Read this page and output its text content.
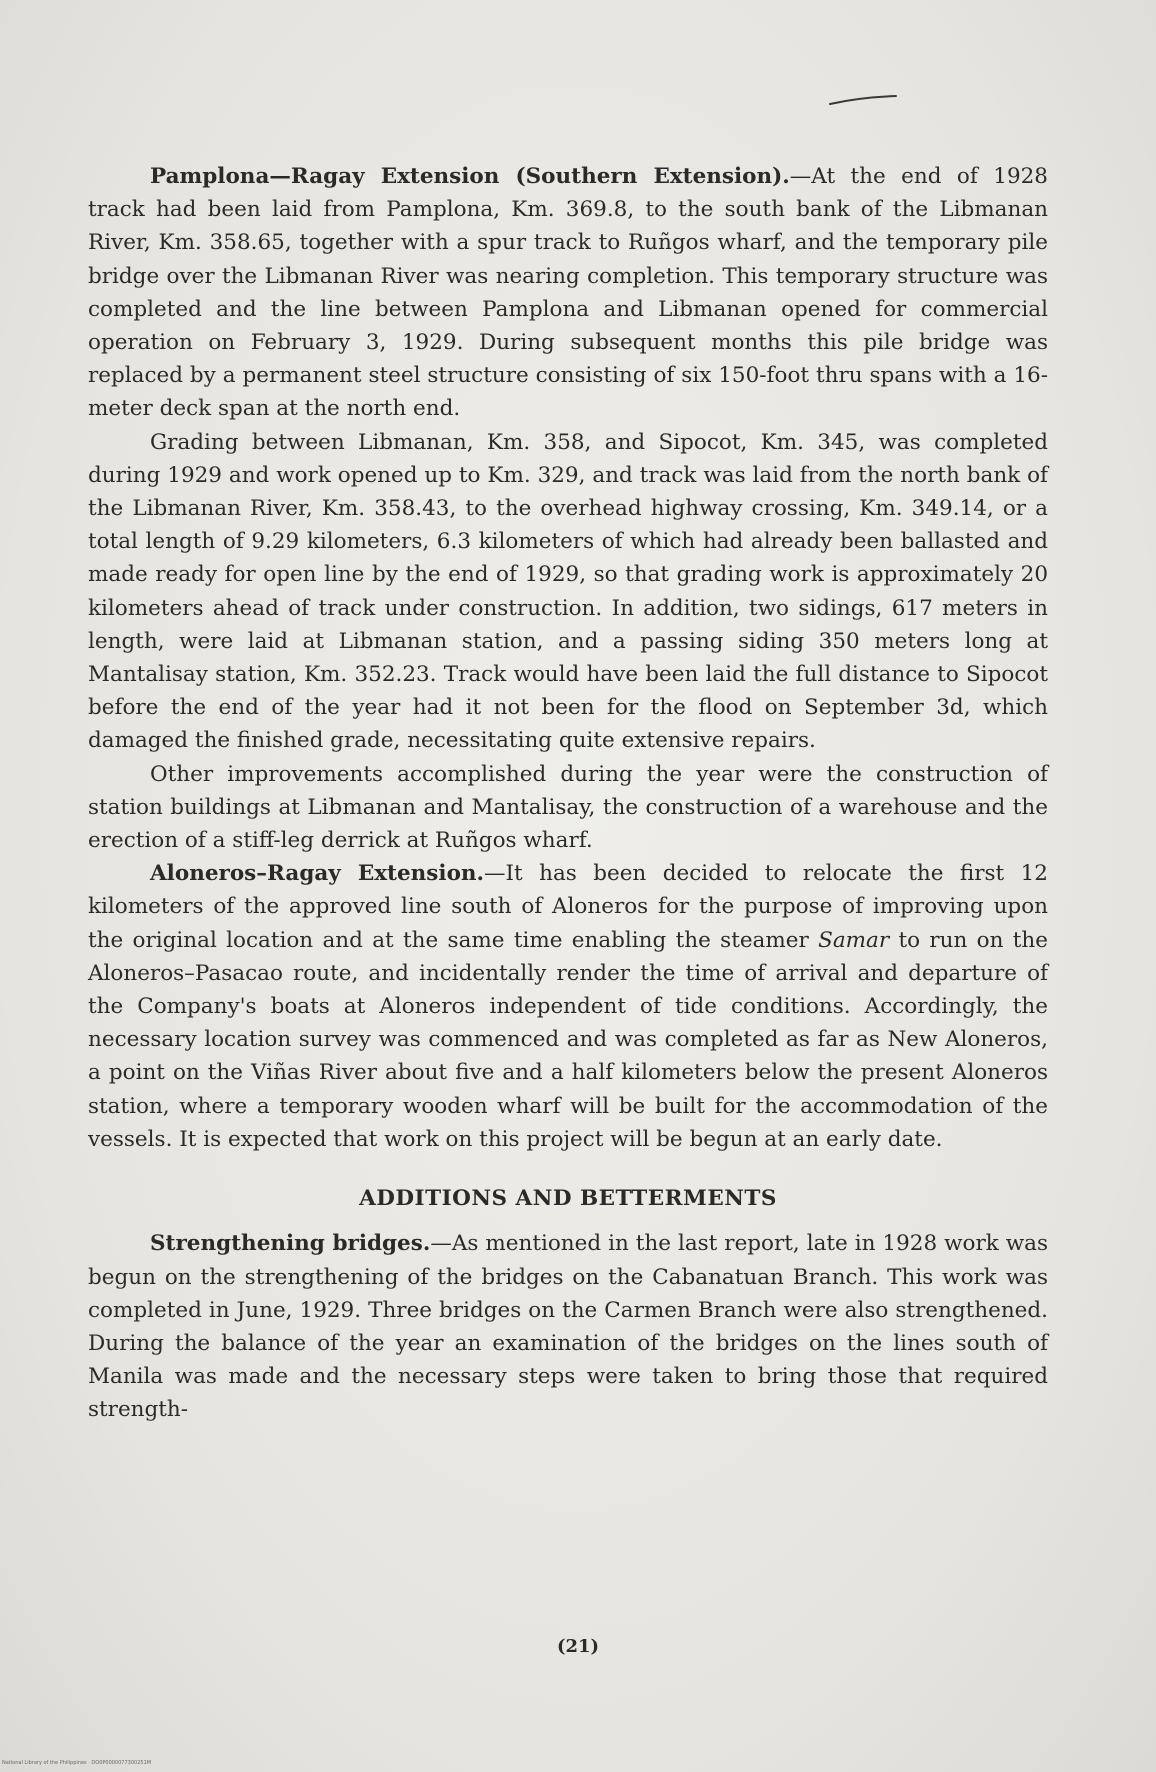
Pamplona—Ragay Extension (Southern Extension).—At the end of 1928 track had been laid from Pamplona, Km. 369.8, to the south bank of the Libmanan River, Km. 358.65, together with a spur track to Ruñgos wharf, and the temporary pile bridge over the Libmanan River was nearing completion. This temporary structure was completed and the line between Pamplona and Libmanan opened for commercial operation on February 3, 1929. During subsequent months this pile bridge was replaced by a permanent steel structure consisting of six 150-foot thru spans with a 16-meter deck span at the north end.

Grading between Libmanan, Km. 358, and Sipocot, Km. 345, was completed during 1929 and work opened up to Km. 329, and track was laid from the north bank of the Libmanan River, Km. 358.43, to the overhead highway crossing, Km. 349.14, or a total length of 9.29 kilometers, 6.3 kilometers of which had already been ballasted and made ready for open line by the end of 1929, so that grading work is approximately 20 kilometers ahead of track under construction. In addition, two sidings, 617 meters in length, were laid at Libmanan station, and a passing siding 350 meters long at Mantalisay station, Km. 352.23. Track would have been laid the full distance to Sipocot before the end of the year had it not been for the flood on September 3d, which damaged the finished grade, necessitating quite extensive repairs.

Other improvements accomplished during the year were the construction of station buildings at Libmanan and Mantalisay, the construction of a warehouse and the erection of a stiff-leg derrick at Ruñgos wharf.

Aloneros–Ragay Extension.—It has been decided to relocate the first 12 kilometers of the approved line south of Aloneros for the purpose of improving upon the original location and at the same time enabling the steamer Samar to run on the Aloneros–Pasacao route, and incidentally render the time of arrival and departure of the Company's boats at Aloneros independent of tide conditions. Accordingly, the necessary location survey was commenced and was completed as far as New Aloneros, a point on the Viñas River about five and a half kilometers below the present Aloneros station, where a temporary wooden wharf will be built for the accommodation of the vessels. It is expected that work on this project will be begun at an early date.

ADDITIONS AND BETTERMENTS

Strengthening bridges.—As mentioned in the last report, late in 1928 work was begun on the strengthening of the bridges on the Cabanatuan Branch. This work was completed in June, 1929. Three bridges on the Carmen Branch were also strengthened. During the balance of the year an examination of the bridges on the lines south of Manila was made and the necessary steps were taken to bring those that required strength-

(21)
National Library of the Philippines · DO0P0000077300251M
